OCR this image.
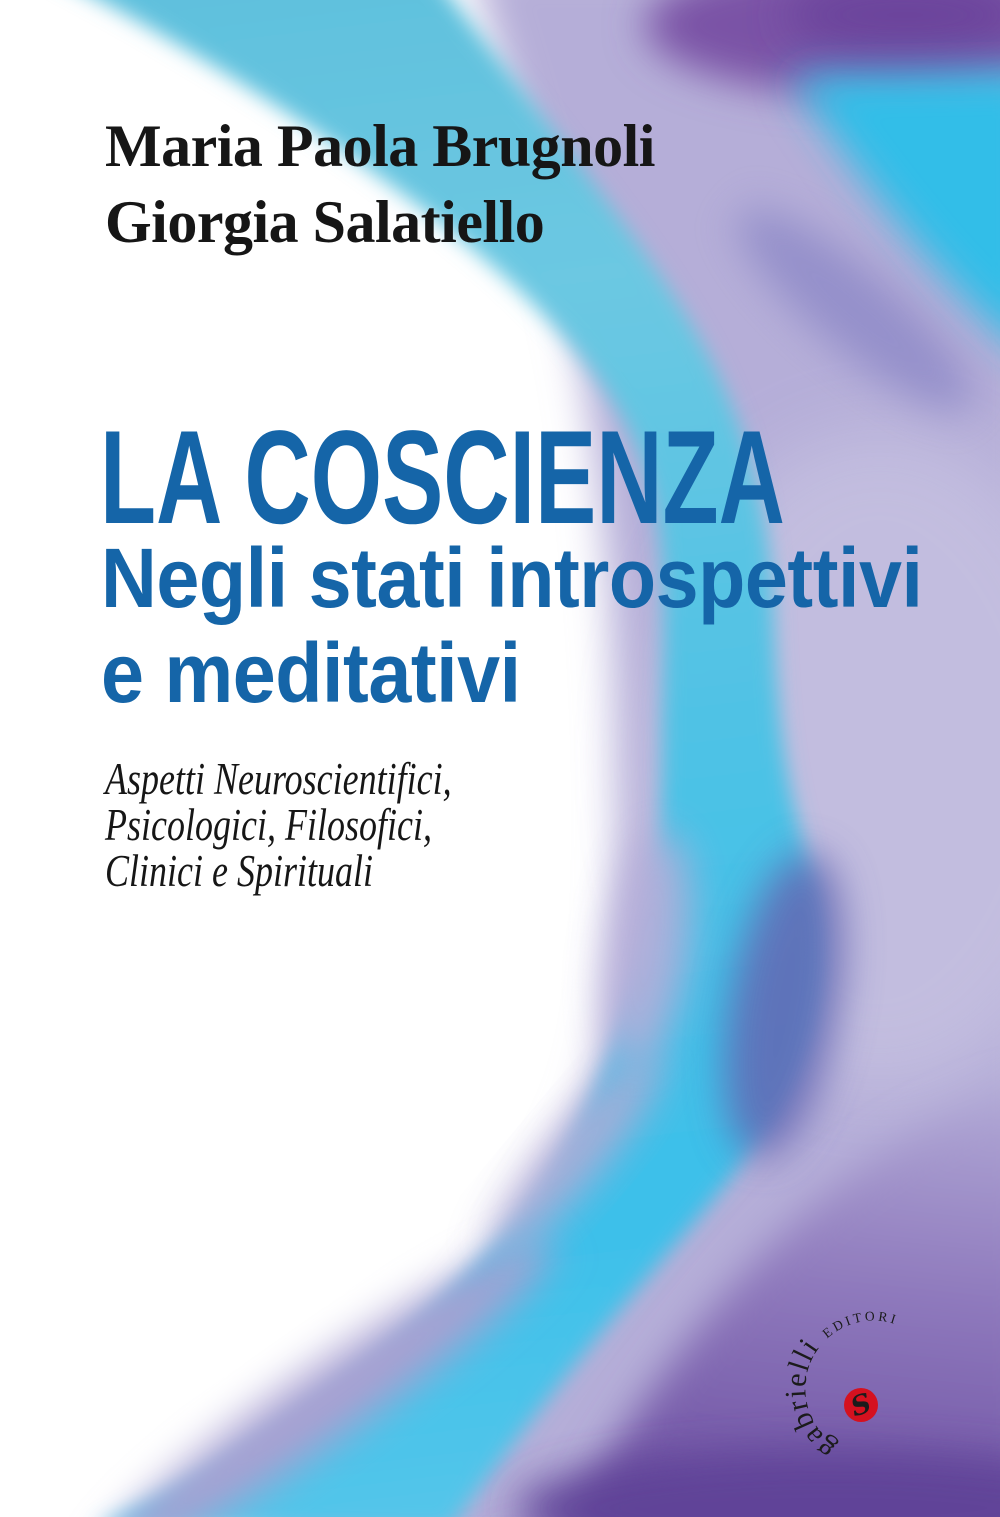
Maria Paola Brugnoli
Giorgia Salatiello
LA COSCIENZA
Negli stati introspettivi
e meditativi
Aspetti Neuroscientifici,
Psicologici, Filosofici,
Clinici e Spirituali
S
gabrielli
EDITORI
